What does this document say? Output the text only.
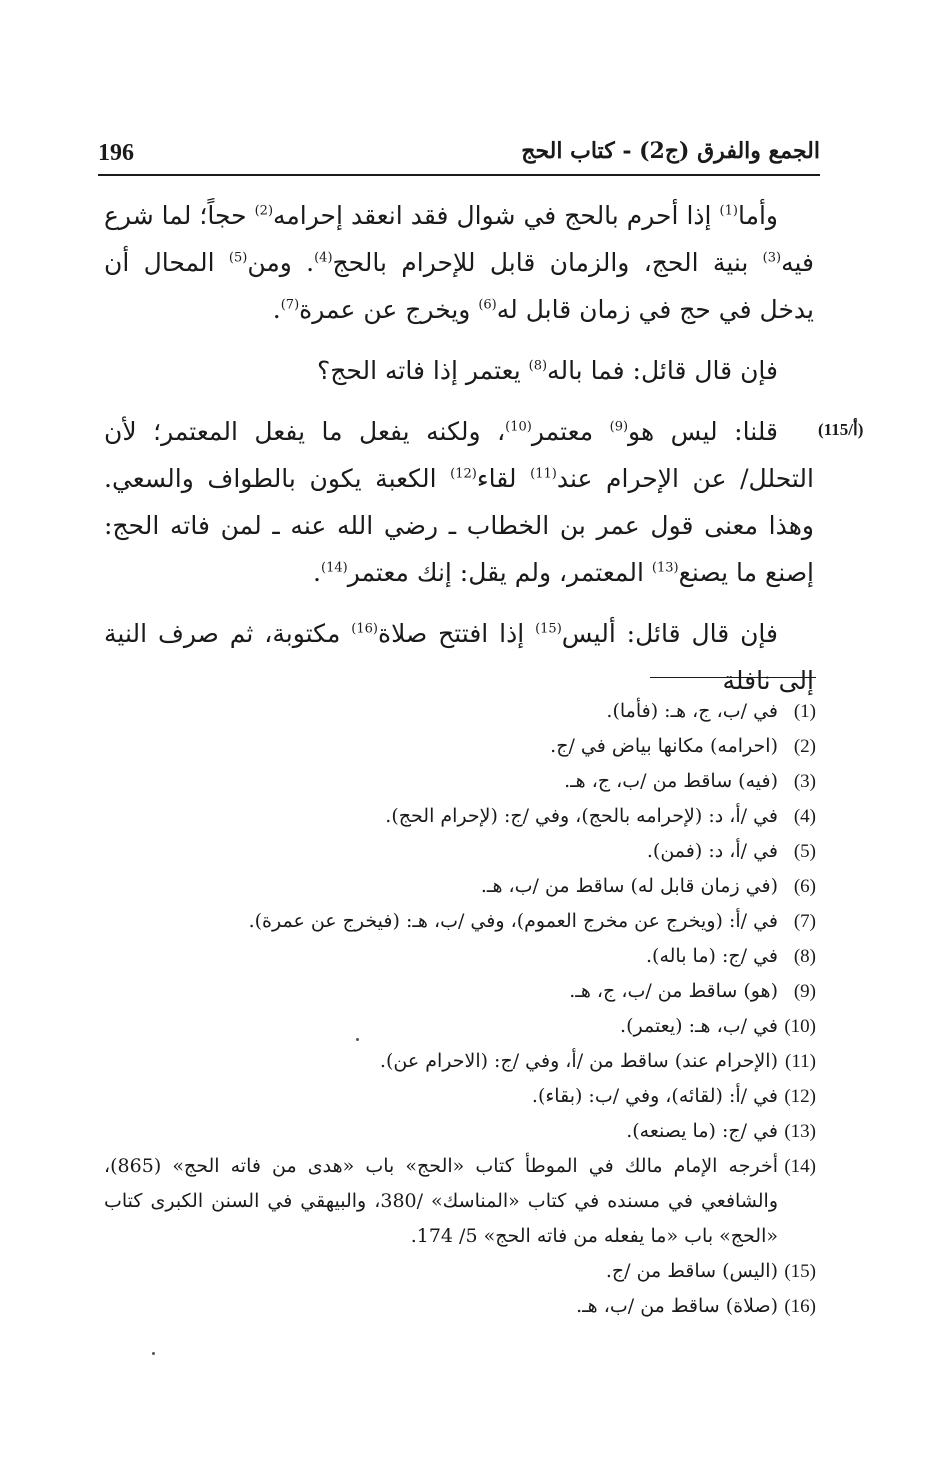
196	الجمع والفرق (ج2) - كتاب الحج
(115/أ)

وأما$^{(1)}$ إذا أحرم بالحج في شوال فقد انعقد إحرامه$^{(2)}$ حجاً؛ لما شرع فيه$^{(3)}$ بنية الحج، والزمان قابل للإحرام بالحج$^{(4)}$. ومن$^{(5)}$ المحال أن يدخل في حج في زمان قابل له$^{(6)}$ ويخرج عن عمرة$^{(7)}$.

فإن قال قائل: فما باله$^{(8)}$ يعتمر إذا فاته الحج؟

قلنا: ليس هو$^{(9)}$ معتمر$^{(10)}$، ولكنه يفعل ما يفعل المعتمر؛ لأن التحلل/ عن الإحرام عند$^{(11)}$ لقاء$^{(12)}$ الكعبة يكون بالطواف والسعي. وهذا معنى قول عمر بن الخطاب ـ رضي الله عنه ـ لمن فاته الحج: إصنع ما يصنع$^{(13)}$ المعتمر، ولم يقل: إنك معتمر$^{(14)}$.

فإن قال قائل: أليس$^{(15)}$ إذا افتتح صلاة$^{(16)}$ مكتوبة، ثم صرف النية إلى نافلة

(1)
في /ب، ج، هـ: (فأما).
(2)
(احرامه) مكانها بياض في /ج.
(3)
(فيه) ساقط من /ب، ج، هـ.
(4)
في /أ، د: (لإحرامه بالحج)، وفي /ج: (لإحرام الحج).
(5)
في /أ، د: (فمن).
(6)
(في زمان قابل له) ساقط من /ب، هـ.
(7)
في /أ: (ويخرج عن مخرج العموم)، وفي /ب، هـ: (فيخرج عن عمرة).
(8)
في /ج: (ما باله).
(9)
(هو) ساقط من /ب، ج، هـ.
(10)
في /ب، هـ: (يعتمر).
(11)
(الإحرام عند) ساقط من /أ، وفي /ج: (الاحرام عن).
(12)
في /أ: (لقائه)، وفي /ب: (بقاء).
(13)
في /ج: (ما يصنعه).
(14)
أخرجه الإمام مالك في الموطأ كتاب «الحج» باب «هدى من فاته الحج» (865)، والشافعي في مسنده في كتاب «المناسك» /380، والبيهقي في السنن الكبرى كتاب «الحج» باب «ما يفعله من فاته الحج» 5/ 174.
(15)
(اليس) ساقط من /ج.
(16)
(صلاة) ساقط من /ب، هـ.
